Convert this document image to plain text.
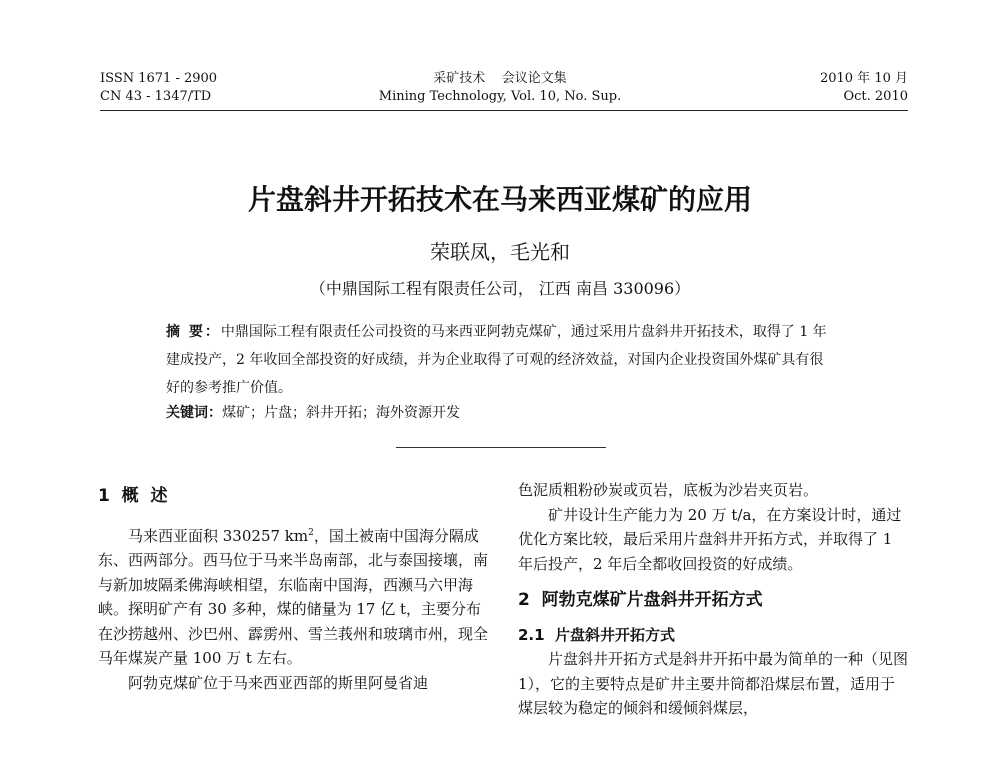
ISSN 1671 - 2900
CN 43 - 1347/TD
采矿技术    会议论文集
Mining Technology, Vol. 10, No. Sup.
2010 年 10 月
Oct. 2010
片盘斜井开拓技术在马来西亚煤矿的应用
荣联凤，毛光和
（中鼎国际工程有限责任公司， 江西 南昌 330096）
摘 要：中鼎国际工程有限责任公司投资的马来西亚阿勃克煤矿，通过采用片盘斜井开拓技术，取得了 1 年建成投产，2 年收回全部投资的好成绩，并为企业取得了可观的经济效益，对国内企业投资国外煤矿具有很好的参考推广价值。
关键词：煤矿；片盘；斜井开拓；海外资源开发

1  概  述

马来西亚面积 330257 $km^2$，国土被南中国海分隔成东、西两部分。西马位于马来半岛南部，北与泰国接壤，南与新加坡隔柔佛海峡相望，东临南中国海，西濒马六甲海峡。探明矿产有 30 多种，煤的储量为 17 亿 t，主要分布在沙捞越州、沙巴州、霹雳州、雪兰莪州和玻璃市州，现全马年煤炭产量 100 万 t 左右。

阿勃克煤矿位于马来西亚西部的斯里阿曼省迪

色泥质粗粉砂炭或页岩，底板为沙岩夹页岩。

矿井设计生产能力为 20 万 t/a，在方案设计时，通过优化方案比较，最后采用片盘斜井开拓方式，并取得了 1 年后投产，2 年后全都收回投资的好成绩。

2  阿勃克煤矿片盘斜井开拓方式

2.1  片盘斜井开拓方式

片盘斜井开拓方式是斜井开拓中最为简单的一种（见图 1），它的主要特点是矿井主要井筒都沿煤层布置，适用于煤层较为稳定的倾斜和缓倾斜煤层，
